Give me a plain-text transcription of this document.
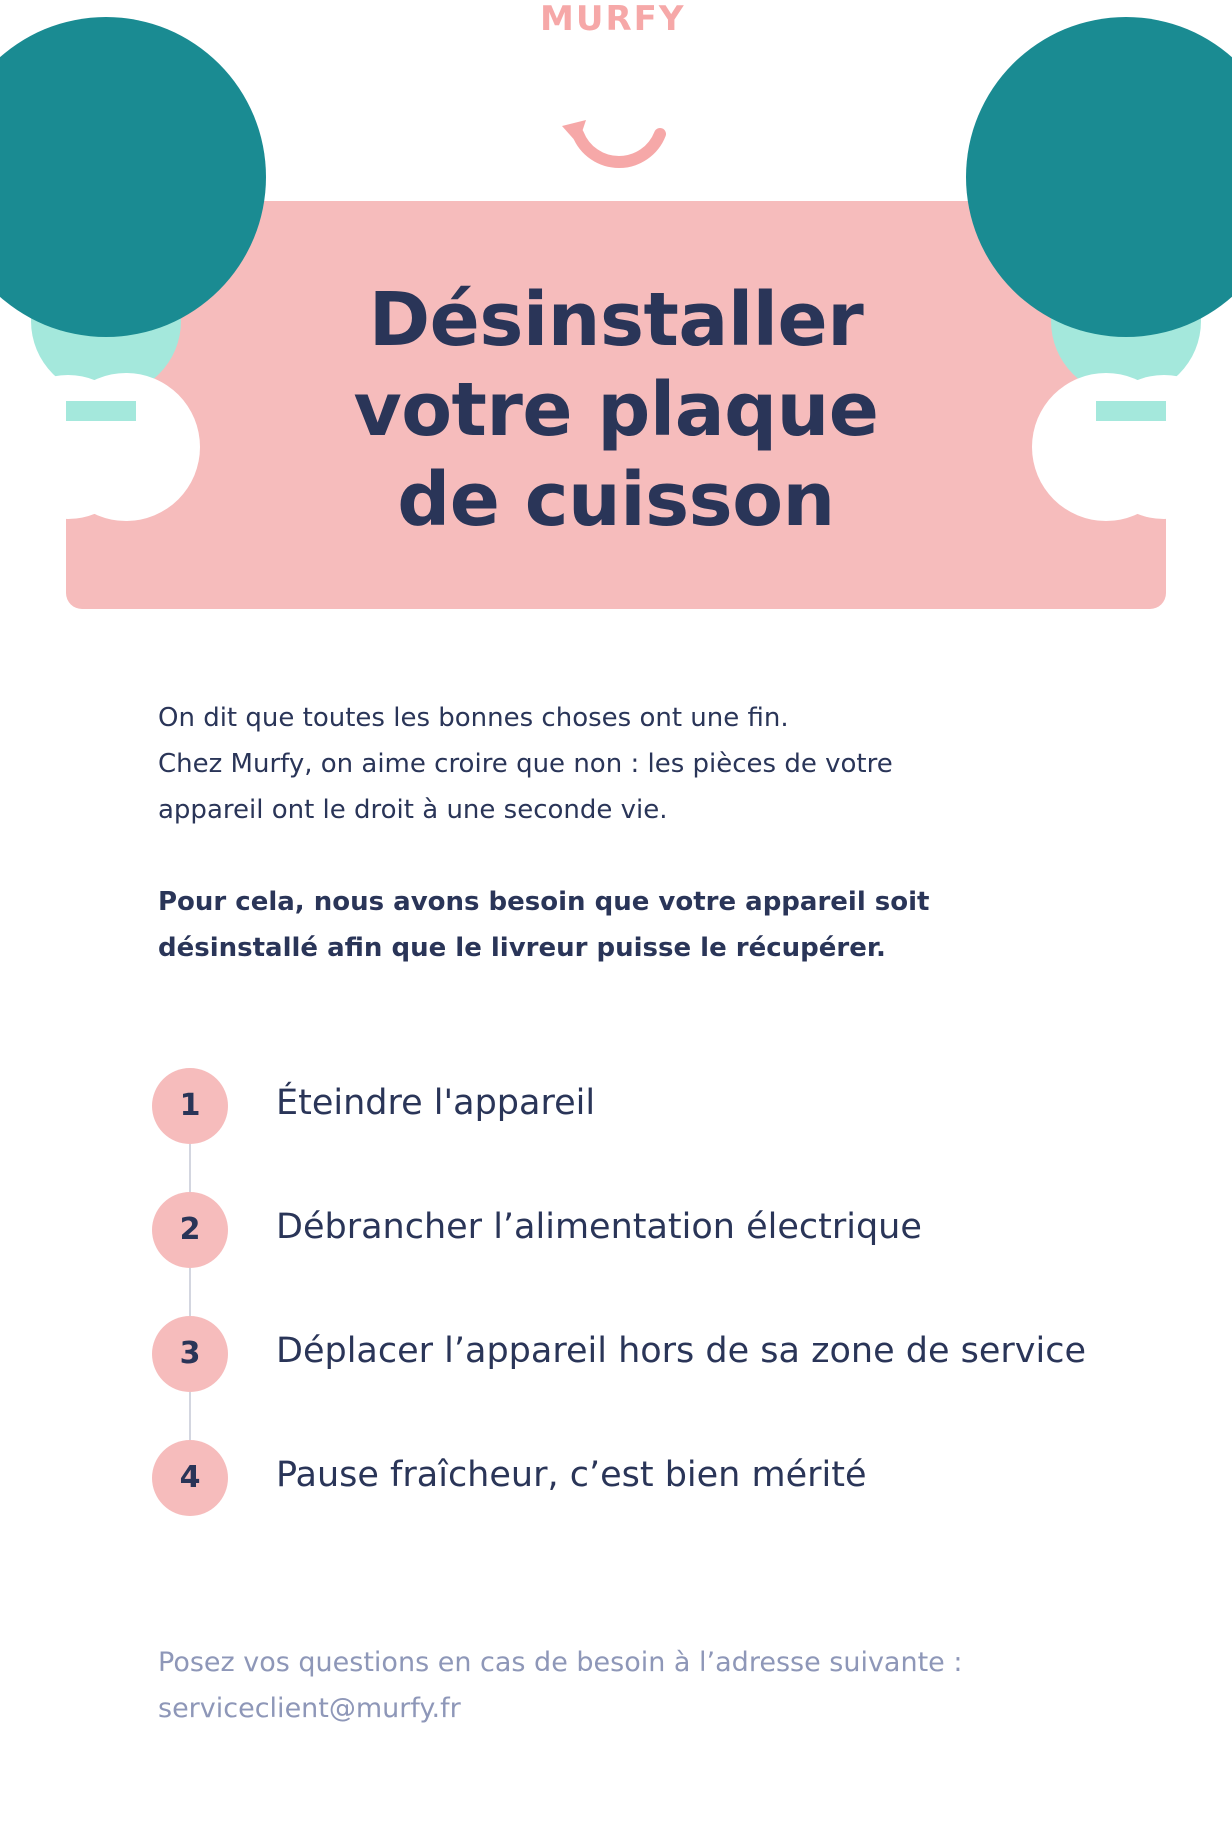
MURFY
Désinstaller
votre plaque
de cuisson

On dit que toutes les bonnes choses ont une fin.

Chez Murfy, on aime croire que non : les pièces de votre

appareil ont le droit à une seconde vie.

Pour cela, nous avons besoin que votre appareil soit

désinstallé afin que le livreur puisse le récupérer.

1	Éteindre l'appareil
2	Débrancher l’alimentation électrique
3	Déplacer l’appareil hors de sa zone de service
4	Pause fraîcheur, c’est bien mérité

Posez vos questions en cas de besoin à l’adresse suivante :

serviceclient@murfy.fr
